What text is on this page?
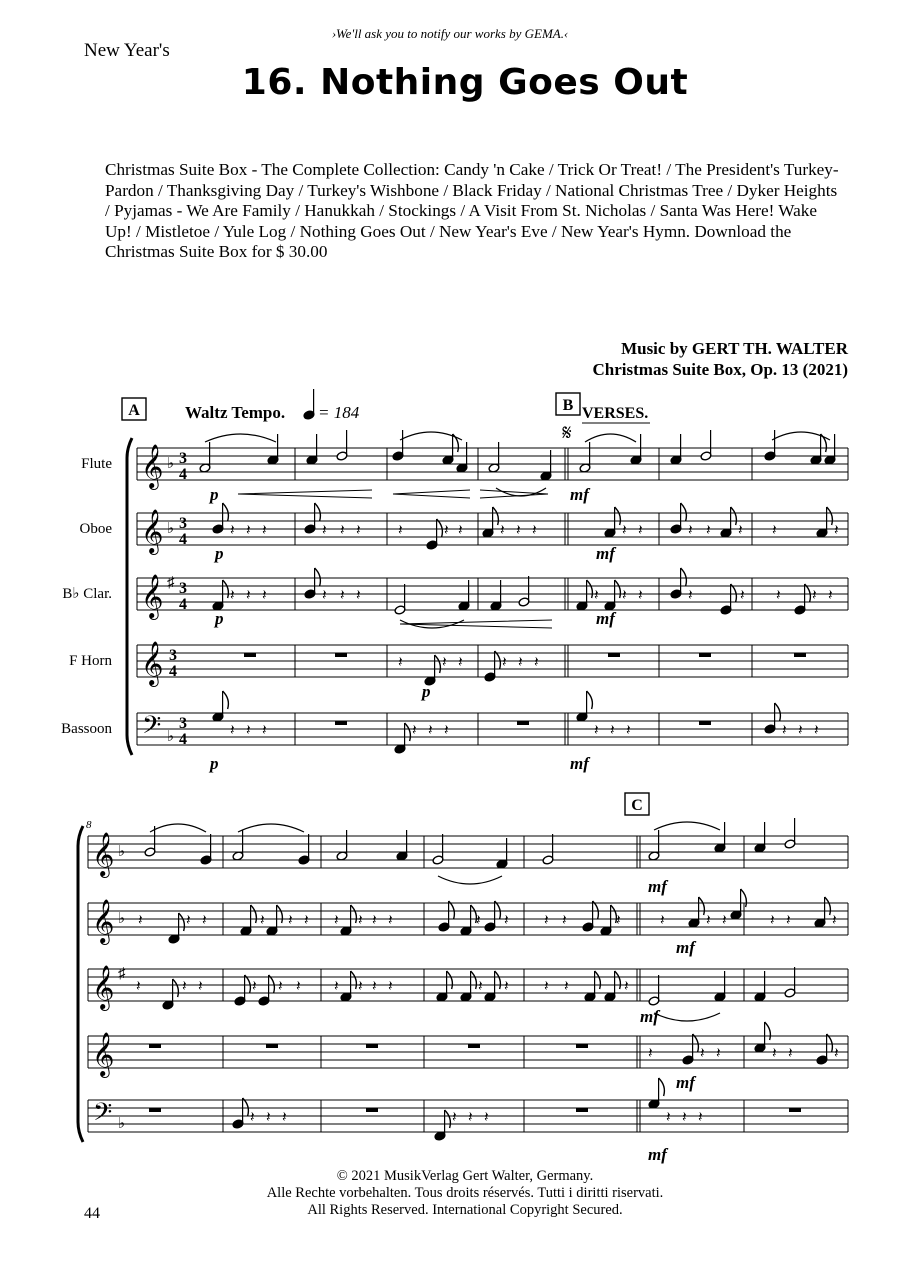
›We'll ask you to notify our works by GEMA.‹
New Year's
16. Nothing Goes Out
Christmas Suite Box - The Complete Collection: Candy 'n Cake / Trick Or Treat! / The President's Turkey-Pardon / Thanksgiving Day / Turkey's Wishbone / Black Friday / National Christmas Tree / Dyker Heights / Pyjamas - We Are Family / Hanukkah / Stockings / A Visit From St. Nicholas / Santa Was Here! Wake Up! / Mistletoe / Yule Log / Nothing Goes Out / New Year's Eve / New Year's Hymn. Download the Christmas Suite Box for $ 30.00
Music by GERT TH. WALTER
Christmas Suite Box, Op. 13 (2021)
Flute 𝄞 ♭ 3
4
Oboe 𝄞 ♭ 3
4
B♭ Clar. 𝄞 ♯ 3
4
F Horn 𝄞 3
4
Bassoon 𝄢 ♭
3
4
p	mf
𝄽 𝄽 𝄽	𝄽 𝄽 𝄽 𝄽	𝄽 𝄽 𝄽 𝄽 𝄽	𝄽 𝄽	𝄽 𝄽 𝄽 𝄽	𝄽
p	mf
𝄽 𝄽 𝄽	𝄽 𝄽 𝄽	𝄽 𝄽 𝄽	𝄽	𝄽 𝄽 𝄽 𝄽
p	mf
𝄽	𝄽 𝄽	𝄽 𝄽 𝄽
p
𝄽 𝄽 𝄽	𝄽 𝄽 𝄽	𝄽 𝄽 𝄽	𝄽 𝄽 𝄽
p	mf
𝄞 ♭
𝄞 ♭
𝄞 ♯
𝄞
𝄢 ♭
mf
𝄽	𝄽 𝄽	𝄽 𝄽 𝄽 𝄽 𝄽 𝄽 𝄽	𝄽 𝄽 𝄽 𝄽	𝄽	𝄽	𝄽 𝄽	𝄽 𝄽	𝄽
mf
𝄽	𝄽 𝄽	𝄽 𝄽 𝄽 𝄽 𝄽 𝄽 𝄽	𝄽 𝄽 𝄽 𝄽	𝄽
mf
𝄽	𝄽 𝄽	𝄽 𝄽	𝄽
mf
𝄽 𝄽 𝄽	𝄽 𝄽 𝄽	𝄽 𝄽 𝄽
mf
A	B
C
Waltz Tempo. = 184	VERSES.
𝄋
8
© 2021 MusikVerlag Gert Walter, Germany.
Alle Rechte vorbehalten. Tous droits réservés. Tutti i diritti riservati.
All Rights Reserved. International Copyright Secured.
44
